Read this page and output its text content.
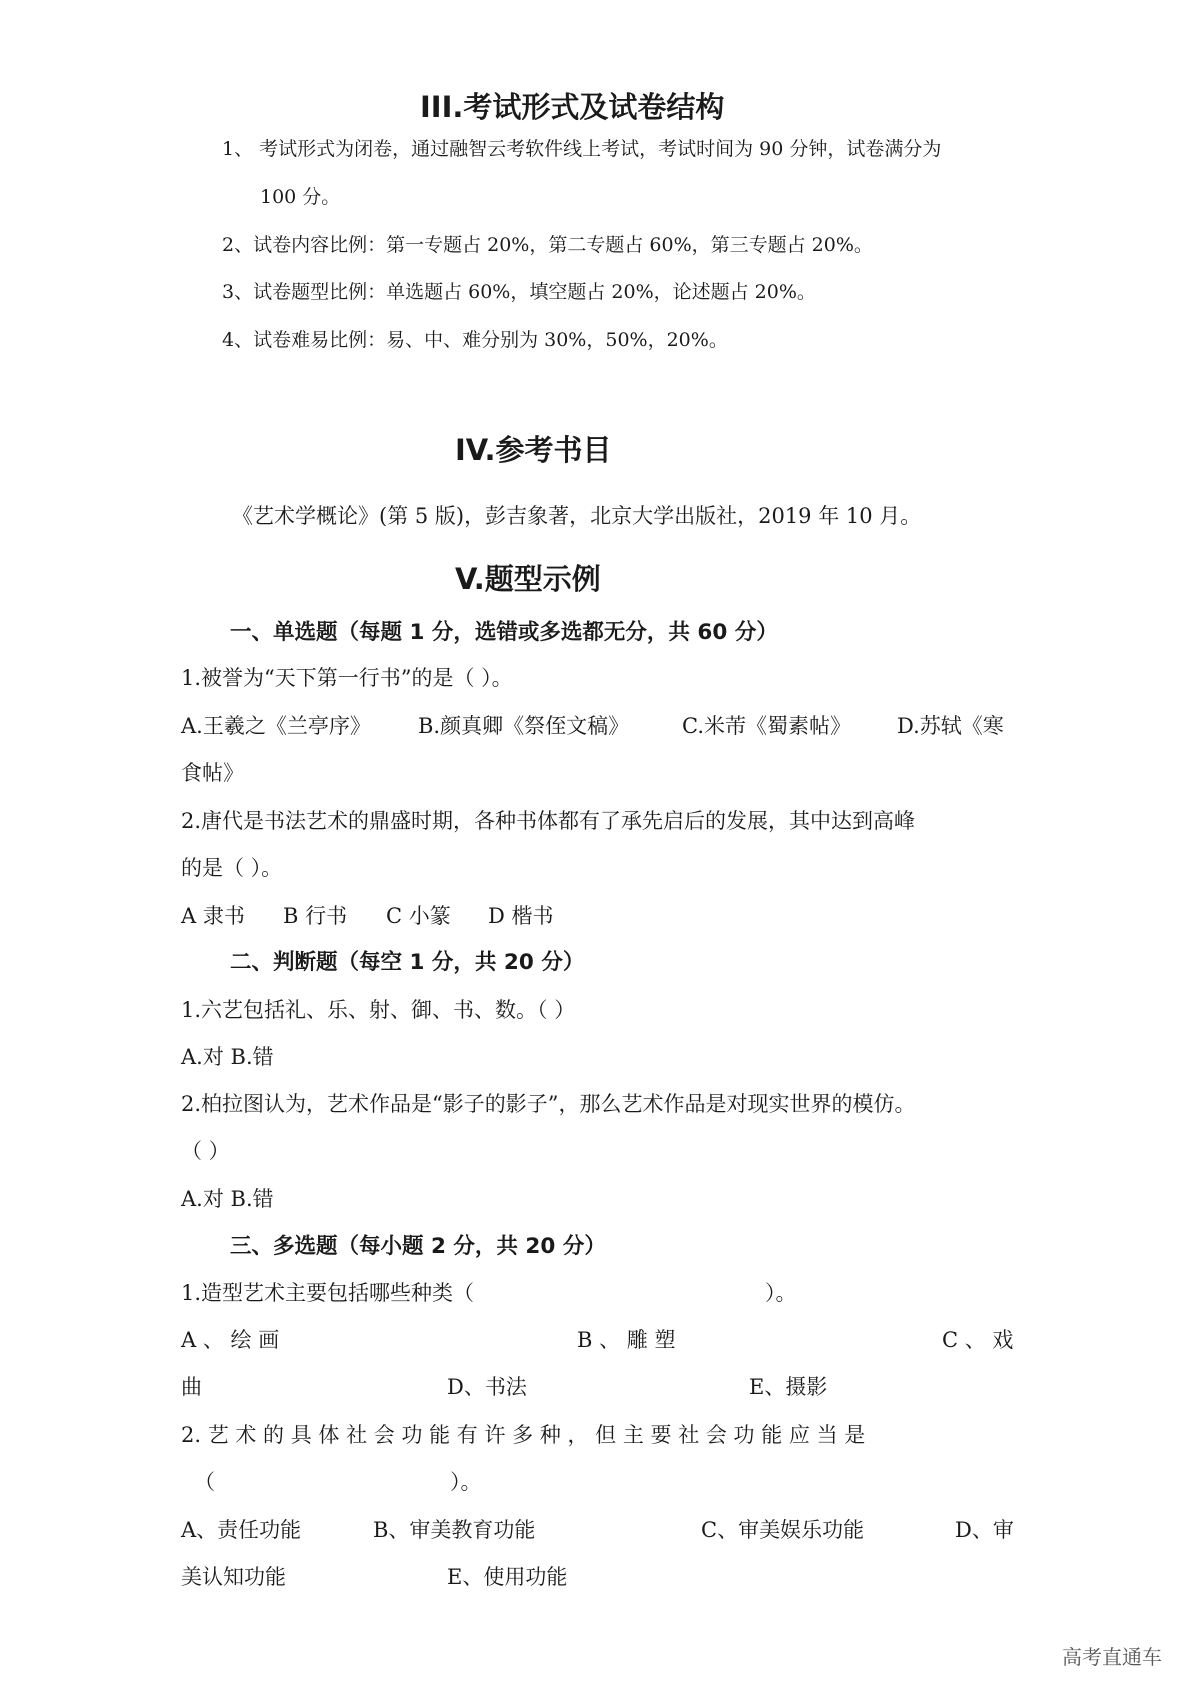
III.考试形式及试卷结构
1、 考试形式为闭卷，通过融智云考软件线上考试，考试时间为 90 分钟，试卷满分为
100 分。
2、试卷内容比例：第一专题占 20%，第二专题占 60%，第三专题占 20%。
3、试卷题型比例：单选题占 60%，填空题占 20%，论述题占 20%。
4、试卷难易比例：易、中、难分别为 30%，50%，20%。
IV.参考书目
《艺术学概论》(第 5 版)，彭吉象著，北京大学出版社，2019 年 10 月。
V.题型示例
一、单选题（每题 1 分，选错或多选都无分，共 60 分）
1.被誉为“天下第一行书”的是（ ）。
A.王羲之《兰亭序》 B.颜真卿《祭侄文稿》	C.米芾《蜀素帖》 D.苏轼《寒
食帖》
2.唐代是书法艺术的鼎盛时期，各种书体都有了承先启后的发展，其中达到高峰
的是（ ）。
A 隶书 B 行书 C 小篆 D 楷书
二、判断题（每空 1 分，共 20 分）
1.六艺包括礼、乐、射、御、书、数。（ ）
A.对 B.错
2.柏拉图认为，艺术作品是“影子的影子”，那么艺术作品是对现实世界的模仿。
（ ）
A.对 B.错
三、多选题（每小题 2 分，共 20 分）
1.造型艺术主要包括哪些种类（	）。
A 、 绘 画	B 、 雕 塑	C 、 戏
曲	D、书法	E、摄影
2. 艺 术 的 具 体 社 会 功 能 有 许 多 种 ， 但 主 要 社 会 功 能 应 当 是
（	）。
A、责任功能	B、审美教育功能	C、审美娱乐功能	D、审
美认知功能	E、使用功能
高考直通车
